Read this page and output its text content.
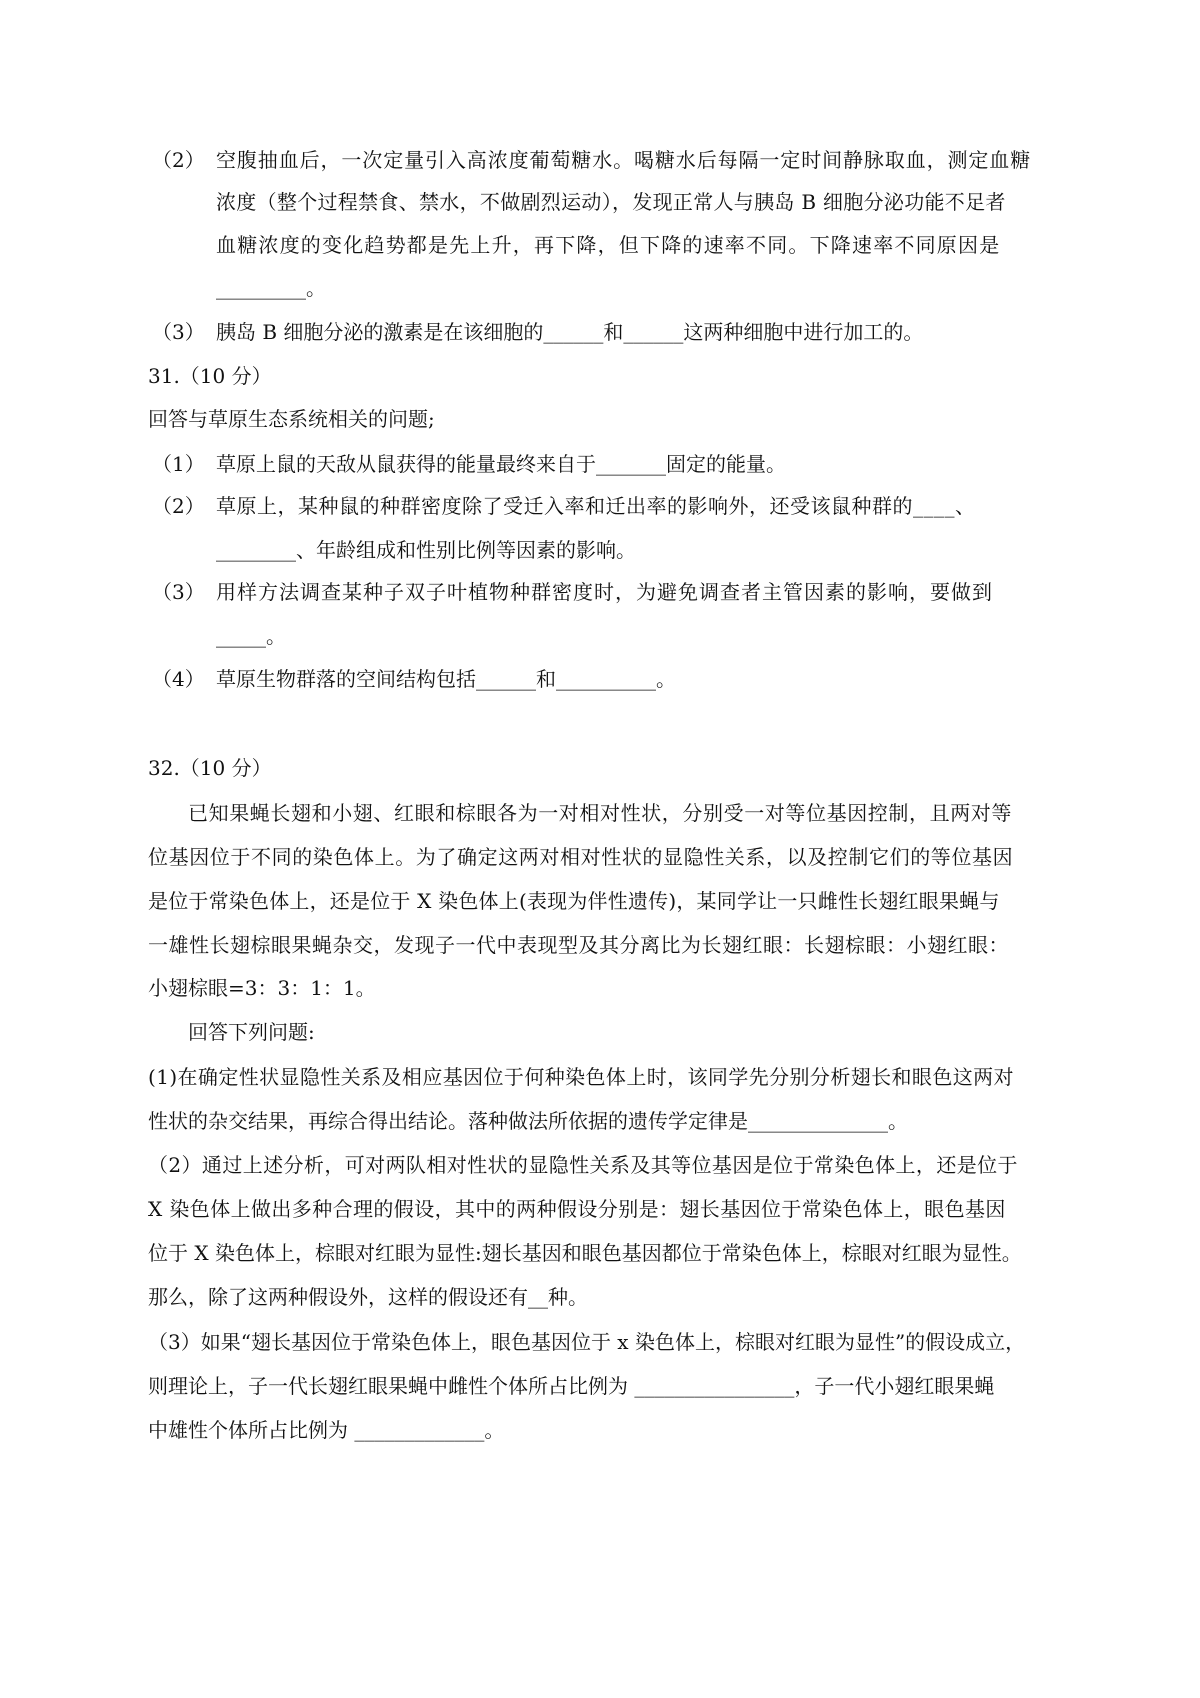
（2） 空腹抽血后，一次定量引入高浓度葡萄糖水。喝糖水后每隔一定时间静脉取血，测定血糖
浓度（整个过程禁食、禁水，不做剧烈运动），发现正常人与胰岛 B 细胞分泌功能不足者
血糖浓度的变化趋势都是先上升，再下降，但下降的速率不同。下降速率不同原因是
_________。
（3） 胰岛 B 细胞分泌的激素是在该细胞的______和______这两种细胞中进行加工的。
31.（10 分）
回答与草原生态系统相关的问题;
（1） 草原上鼠的天敌从鼠获得的能量最终来自于_______固定的能量。
（2） 草原上，某种鼠的种群密度除了受迁入率和迁出率的影响外，还受该鼠种群的____、
________、年龄组成和性别比例等因素的影响。
（3） 用样方法调查某种子双子叶植物种群密度时，为避免调查者主管因素的影响，要做到
_____。
（4） 草原生物群落的空间结构包括______和__________。
32.（10 分）
已知果蝇长翅和小翅、红眼和棕眼各为一对相对性状，分别受一对等位基因控制，且两对等
位基因位于不同的染色体上。为了确定这两对相对性状的显隐性关系，以及控制它们的等位基因
是位于常染色体上，还是位于 X 染色体上(表现为伴性遗传)，某同学让一只雌性长翅红眼果蝇与
一雄性长翅棕眼果蝇杂交，发现子一代中表现型及其分离比为长翅红眼：长翅棕眼：小翅红眼：
小翅棕眼=3：3：1：1。
回答下列问题:
(1)在确定性状显隐性关系及相应基因位于何种染色体上时，该同学先分别分析翅长和眼色这两对
性状的杂交结果，再综合得出结论。落种做法所依据的遗传学定律是______________。
（2）通过上述分析，可对两队相对性状的显隐性关系及其等位基因是位于常染色体上，还是位于
X 染色体上做出多种合理的假设，其中的两种假设分别是：翅长基因位于常染色体上，眼色基因
位于 X 染色体上，棕眼对红眼为显性:翅长基因和眼色基因都位于常染色体上，棕眼对红眼为显性。
那么，除了这两种假设外，这样的假设还有__种。
（3）如果“翅长基因位于常染色体上，眼色基因位于 x 染色体上，棕眼对红眼为显性”的假设成立，
则理论上，子一代长翅红眼果蝇中雌性个体所占比例为 ________________，子一代小翅红眼果蝇
中雄性个体所占比例为 _____________。
